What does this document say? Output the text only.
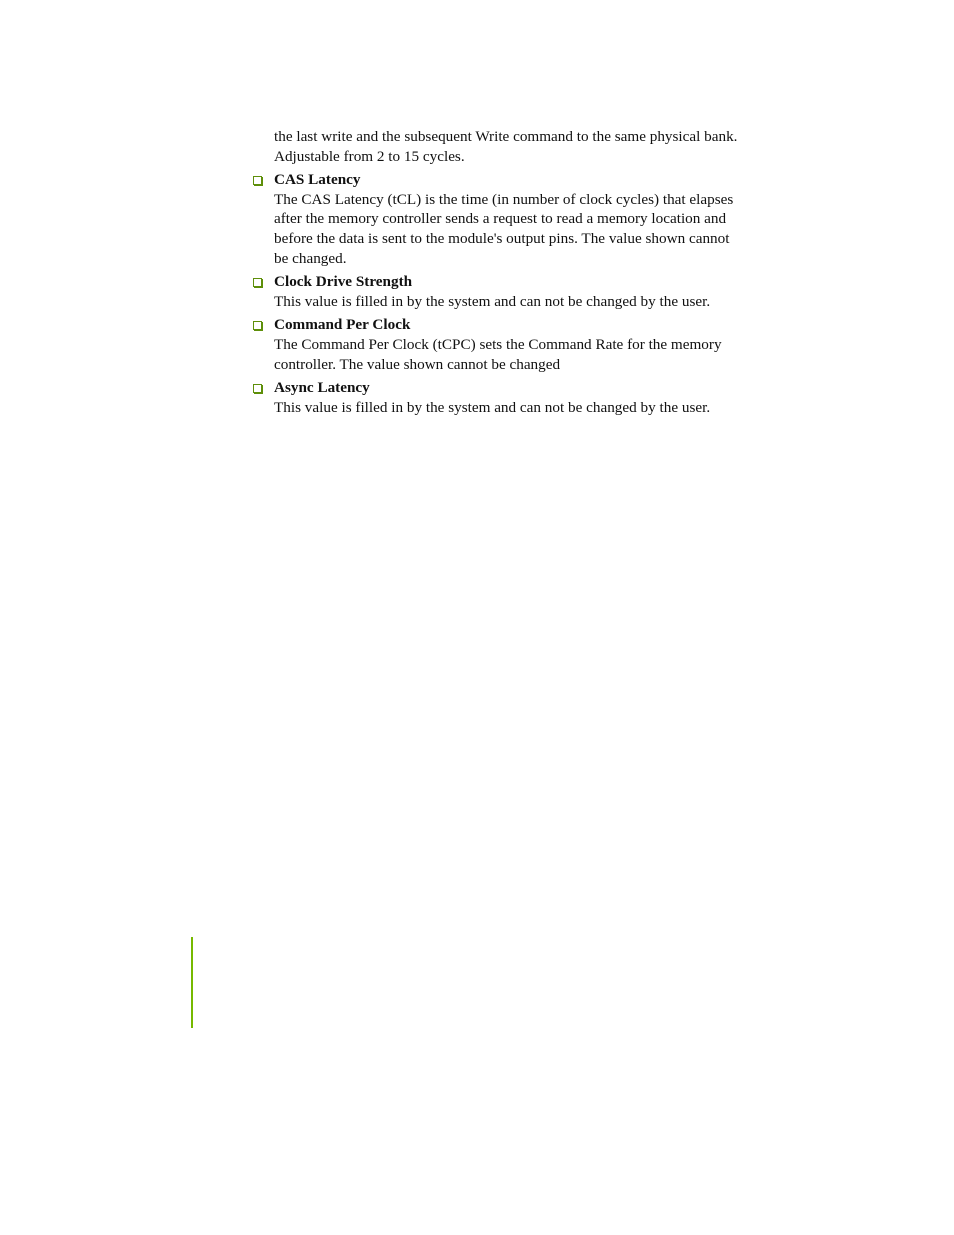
the last write and the subsequent Write command to the same physical bank.

Adjustable from 2 to 15 cycles.

CAS Latency

The CAS Latency (tCL) is the time (in number of clock cycles) that elapses

after the memory controller sends a request to read a memory location and

before the data is sent to the module's output pins. The value shown cannot

be changed.

Clock Drive Strength

This value is filled in by the system and can not be changed by the user.

Command Per Clock

The Command Per Clock (tCPC) sets the Command Rate for the memory

controller. The value shown cannot be changed

Async Latency

This value is filled in by the system and can not be changed by the user.
